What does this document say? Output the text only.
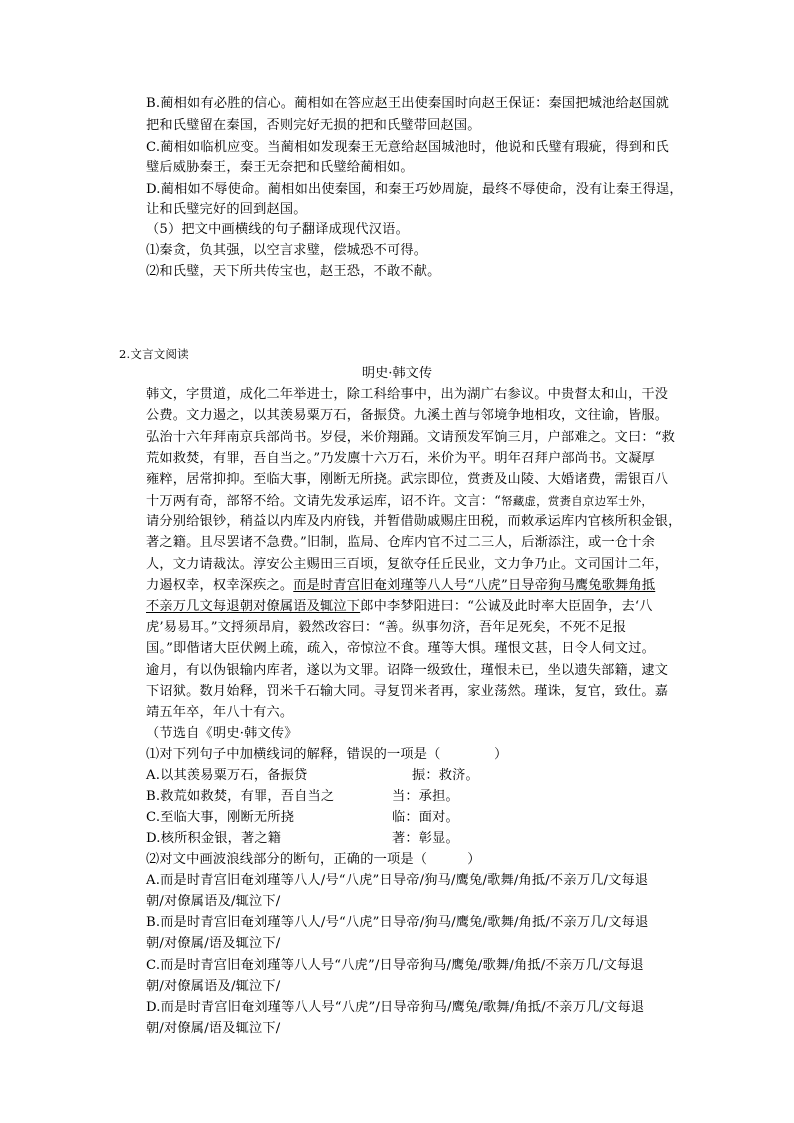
B.蔺相如有必胜的信心。蔺相如在答应赵王出使秦国时向赵王保证：秦国把城池给赵国就
把和氏璧留在秦国，否则完好无损的把和氏璧带回赵国。
C.蔺相如临机应变。当蔺相如发现秦王无意给赵国城池时，他说和氏璧有瑕疵，得到和氏
璧后威胁秦王，秦王无奈把和氏璧给蔺相如。
D.蔺相如不辱使命。蔺相如出使秦国，和秦王巧妙周旋，最终不辱使命，没有让秦王得逞，
让和氏璧完好的回到赵国。
（5）把文中画横线的句子翻译成现代汉语。
⑴秦贪，负其强，以空言求璧，偿城恐不可得。
⑵和氏璧，天下所共传宝也，赵王恐，不敢不献。
2.文言文阅读
明史·韩文传
韩文，字贯道，成化二年举进士，除工科给事中，出为湖广右参议。中贵督太和山，干没
公费。文力遏之，以其羡易粟万石，备振贷。九溪土酋与邻境争地相攻，文往谕，皆服。
弘治十六年拜南京兵部尚书。岁侵，米价翔踊。文请预发军饷三月，户部难之。文曰：“救
荒如救焚，有罪，吾自当之。”乃发廪十六万石，米价为平。明年召拜户部尚书。文凝厚
雍粹，居常抑抑。至临大事，刚断无所挠。武宗即位，赏赉及山陵、大婚诸费，需银百八
十万两有奇，部帑不给。文请先发承运库，诏不许。文言：“帑藏虚，赏赉自京边军士外，
请分别给银钞，稍益以内库及内府钱，并暂借勋戚赐庄田税，而敕承运库内官核所积金银，
著之籍。且尽罢诸不急费。”旧制，监局、仓库内官不过二三人，后渐添注，或一仓十余
人，文力请裁汰。淳安公主赐田三百顷，复欲夺任丘民业，文力争乃止。文司国计二年，
力遏权幸，权幸深疾之。而是时青宫旧奄刘瑾等八人号“八虎”日导帝狗马鹰兔歌舞角抵
不亲万几文每退朝对僚属语及辄泣下郎中李梦阳进曰：“公诚及此时率大臣固争，去‘八
虎’易易耳。”文捋须昂肩，毅然改容曰：“善。纵事勿济，吾年足死矣，不死不足报
国。”即偕诸大臣伏阙上疏，疏入，帝惊泣不食。瑾等大惧。瑾恨文甚，日令人伺文过。
逾月，有以伪银输内库者，遂以为文罪。诏降一级致仕，瑾恨未已，坐以遗失部籍，逮文
下诏狱。数月始释，罚米千石输大同。寻复罚米者再，家业荡然。瑾诛，复官，致仕。嘉
靖五年卒，年八十有六。
（节选自《明史·韩文传》
⑴对下列句子中加横线词的解释，错误的一项是（　　　　）
A.以其羡易粟万石，备振贷	振：救济。
B.救荒如救焚，有罪，吾自当之	当：承担。
C.至临大事，刚断无所挠	临：面对。
D.核所积金银，著之籍	著：彰显。
⑵对文中画波浪线部分的断句，正确的一项是（　　　）
A.而是时青宫旧奄刘瑾等八人/号“八虎”日导帝/狗马/鹰兔/歌舞/角抵/不亲万几/文每退
朝/对僚属语及/辄泣下/
B.而是时青宫旧奄刘瑾等八人/号“八虎”日导帝/狗马/鹰兔/歌舞/角抵/不亲万几/文每退
朝/对僚属/语及辄泣下/
C.而是时青宫旧奄刘瑾等八人号“八虎”/日导帝狗马/鹰兔/歌舞/角抵/不亲万几/文每退
朝/对僚属语及/辄泣下/
D.而是时青宫旧奄刘瑾等八人号“八虎”/日导帝狗马/鹰兔/歌舞/角抵/不亲万几/文每退
朝/对僚属/语及辄泣下/
